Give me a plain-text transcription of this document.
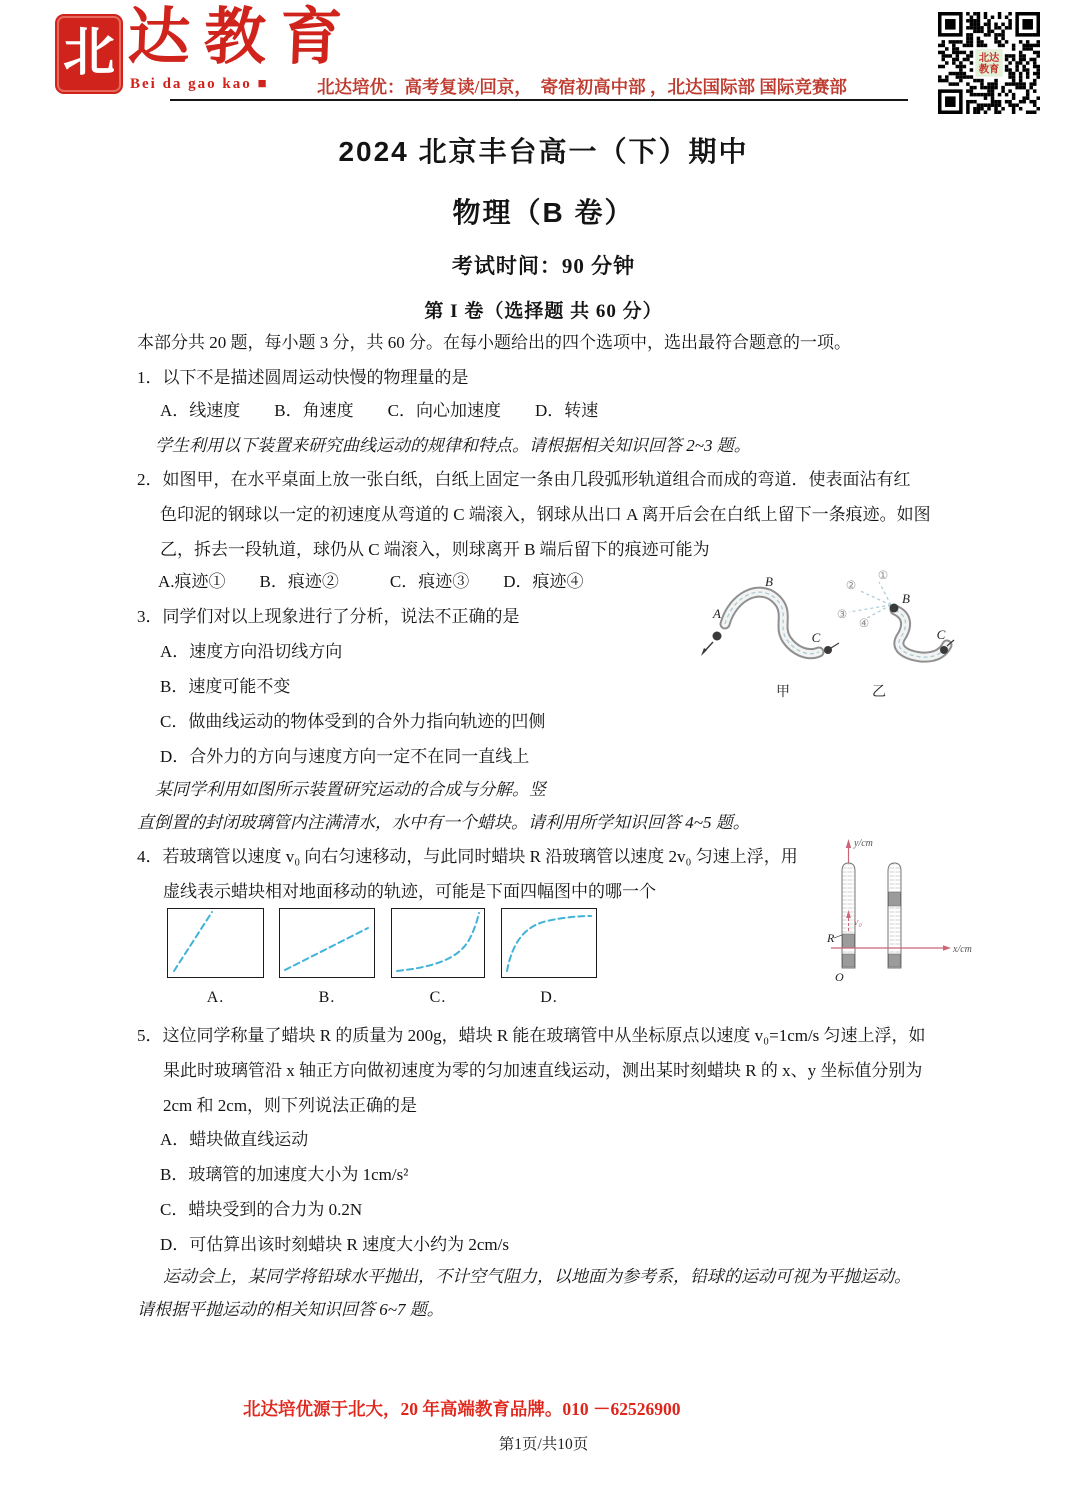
北 达教育
Bei da gao kao ■	北达培优：高考复读/回京，　寄宿初高中部 ，北达国际部 国际竞赛部
北达
教育
2024 北京丰台高一（下）期中
物理（B 卷）
考试时间：90 分钟
第 I 卷（选择题 共 60 分）
本部分共 20 题，每小题 3 分，共 60 分。在每小题给出的四个选项中，选出最符合题意的一项。
1．以下不是描述圆周运动快慢的物理量的是
A．线速度　　B．角速度　　C．向心加速度　　D．转速
学生利用以下装置来研究曲线运动的规律和特点。请根据相关知识回答 2~3 题。
2．如图甲，在水平桌面上放一张白纸，白纸上固定一条由几段弧形轨道组合而成的弯道．使表面沾有红
色印泥的钢球以一定的初速度从弯道的 C 端滚入，钢球从出口 A 离开后会在白纸上留下一条痕迹。如图
乙，拆去一段轨道，球仍从 C 端滚入，则球离开 B 端后留下的痕迹可能为
A.痕迹①　　B．痕迹②　　　C．痕迹③　　D．痕迹④
3．同学们对以上现象进行了分析，说法不正确的是
A．速度方向沿切线方向
B．速度可能不变
C．做曲线运动的物体受到的合外力指向轨迹的凹侧
D．合外力的方向与速度方向一定不在同一直线上
某同学利用如图所示装置研究运动的合成与分解。竖
直倒置的封闭玻璃管内注满清水，水中有一个蜡块。请利用所学知识回答 4~5 题。
4．若玻璃管以速度 v₀ 向右匀速移动，与此同时蜡块 R 沿玻璃管以速度 2v₀ 匀速上浮，用
虚线表示蜡块相对地面移动的轨迹，可能是下面四幅图中的哪一个
5．这位同学称量了蜡块 R 的质量为 200g，蜡块 R 能在玻璃管中从坐标原点以速度 v₀=1cm/s 匀速上浮，如
果此时玻璃管沿 x 轴正方向做初速度为零的匀加速直线运动，测出某时刻蜡块 R 的 x、y 坐标值分别为
2cm 和 2cm，则下列说法正确的是
A．蜡块做直线运动
B．玻璃管的加速度大小为 1cm/s²
C．蜡块受到的合力为 0.2N
D．可估算出该时刻蜡块 R 速度大小约为 2cm/s
运动会上，某同学将铅球水平抛出，不计空气阻力，以地面为参考系，铅球的运动可视为平抛运动。
请根据平抛运动的相关知识回答 6~7 题。
A.	B.	C.	D.
A
B
C
甲
①
②
③
④
B
C
乙
y/cm
v₀
x/cm
R
O
北达培优源于北大，20 年高端教育品牌。010 －62526900
第1页/共10页
